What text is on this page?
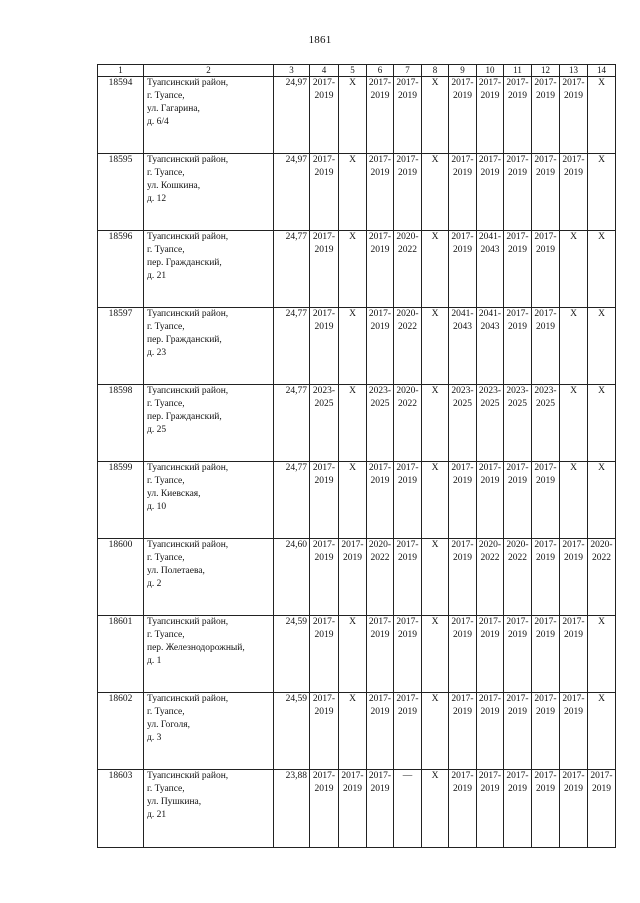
1861
1	2	3	4	5	6	7	8	9	10	11	12	13	14
18594	Туапсинский район,
г. Туапсе,
ул. Гагарина,
д. 6/4	24,97	2017-
2019	X	2017-
2019	2017-
2019	X	2017-
2019	2017-
2019	2017-
2019	2017-
2019	2017-
2019	X

18595	Туапсинский район,
г. Туапсе,
ул. Кошкина,
д. 12	24,97	2017-
2019	X	2017-
2019	2017-
2019	X	2017-
2019	2017-
2019	2017-
2019	2017-
2019	2017-
2019	X

18596	Туапсинский район,
г. Туапсе,
пер. Гражданский,
д. 21	24,77	2017-
2019	X	2017-
2019	2020-
2022	X	2017-
2019	2041-
2043	2017-
2019	2017-
2019	X	X

18597	Туапсинский район,
г. Туапсе,
пер. Гражданский,
д. 23	24,77	2017-
2019	X	2017-
2019	2020-
2022	X	2041-
2043	2041-
2043	2017-
2019	2017-
2019	X	X

18598	Туапсинский район,
г. Туапсе,
пер. Гражданский,
д. 25	24,77	2023-
2025	X	2023-
2025	2020-
2022	X	2023-
2025	2023-
2025	2023-
2025	2023-
2025	X	X

18599	Туапсинский район,
г. Туапсе,
ул. Киевская,
д. 10	24,77	2017-
2019	X	2017-
2019	2017-
2019	X	2017-
2019	2017-
2019	2017-
2019	2017-
2019	X	X

18600	Туапсинский район,
г. Туапсе,
ул. Полетаева,
д. 2	24,60	2017-
2019	2017-
2019	2020-
2022	2017-
2019	X	2017-
2019	2020-
2022	2020-
2022	2017-
2019	2017-
2019	2020-
2022

18601	Туапсинский район,
г. Туапсе,
пер. Железнодорожный,
д. 1	24,59	2017-
2019	X	2017-
2019	2017-
2019	X	2017-
2019	2017-
2019	2017-
2019	2017-
2019	2017-
2019	X

18602	Туапсинский район,
г. Туапсе,
ул. Гоголя,
д. 3	24,59	2017-
2019	X	2017-
2019	2017-
2019	X	2017-
2019	2017-
2019	2017-
2019	2017-
2019	2017-
2019	X

18603	Туапсинский район,
г. Туапсе,
ул. Пушкина,
д. 21	23,88	2017-
2019	2017-
2019	2017-
2019	—	X	2017-
2019	2017-
2019	2017-
2019	2017-
2019	2017-
2019	2017-
2019
